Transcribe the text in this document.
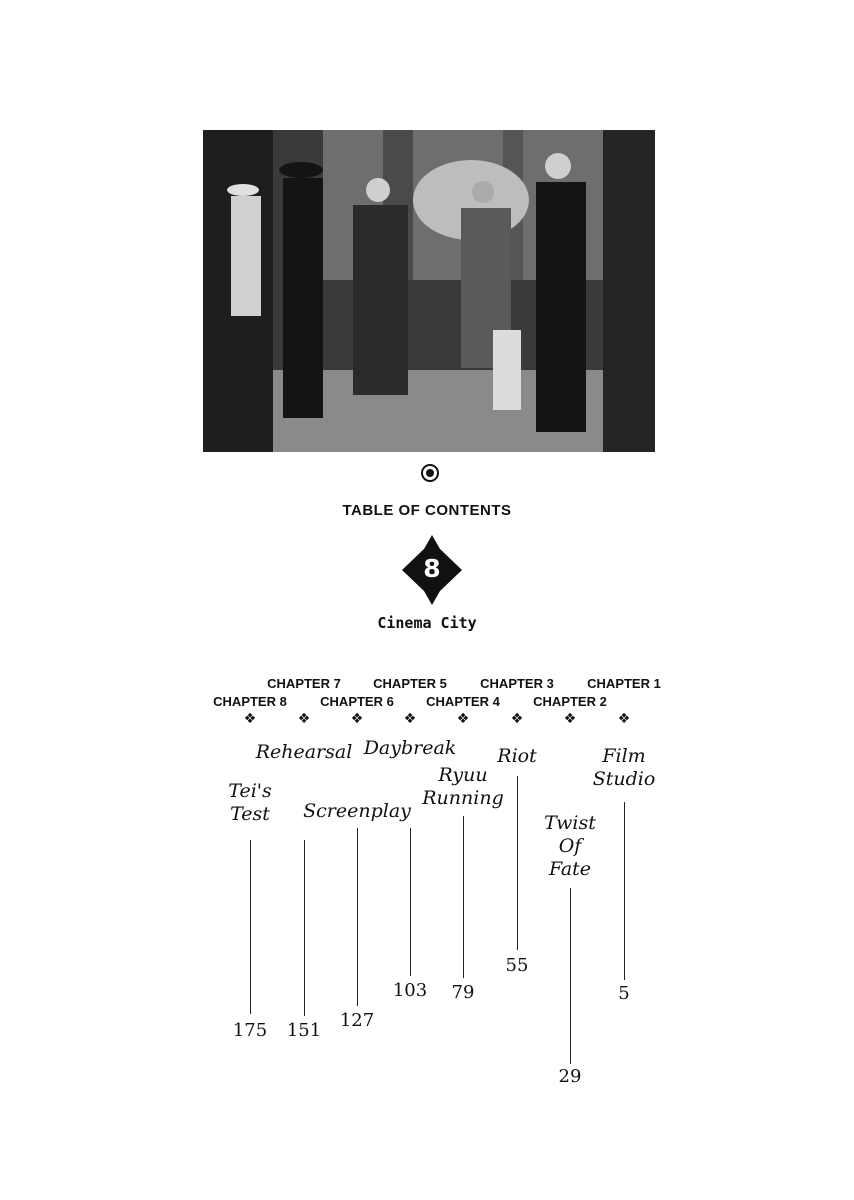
TABLE OF CONTENTS
8
Cinema City
CHAPTER 1
❖
Film
Studio
5
CHAPTER 2
❖
Twist
Of
Fate
29
CHAPTER 3
❖
Riot
55
CHAPTER 4
❖
Ryuu
Running
79
CHAPTER 5
❖
Daybreak
103
CHAPTER 6
❖
Screenplay
127
CHAPTER 7
❖
Rehearsal
151
CHAPTER 8
❖
Tei's
Test
175
